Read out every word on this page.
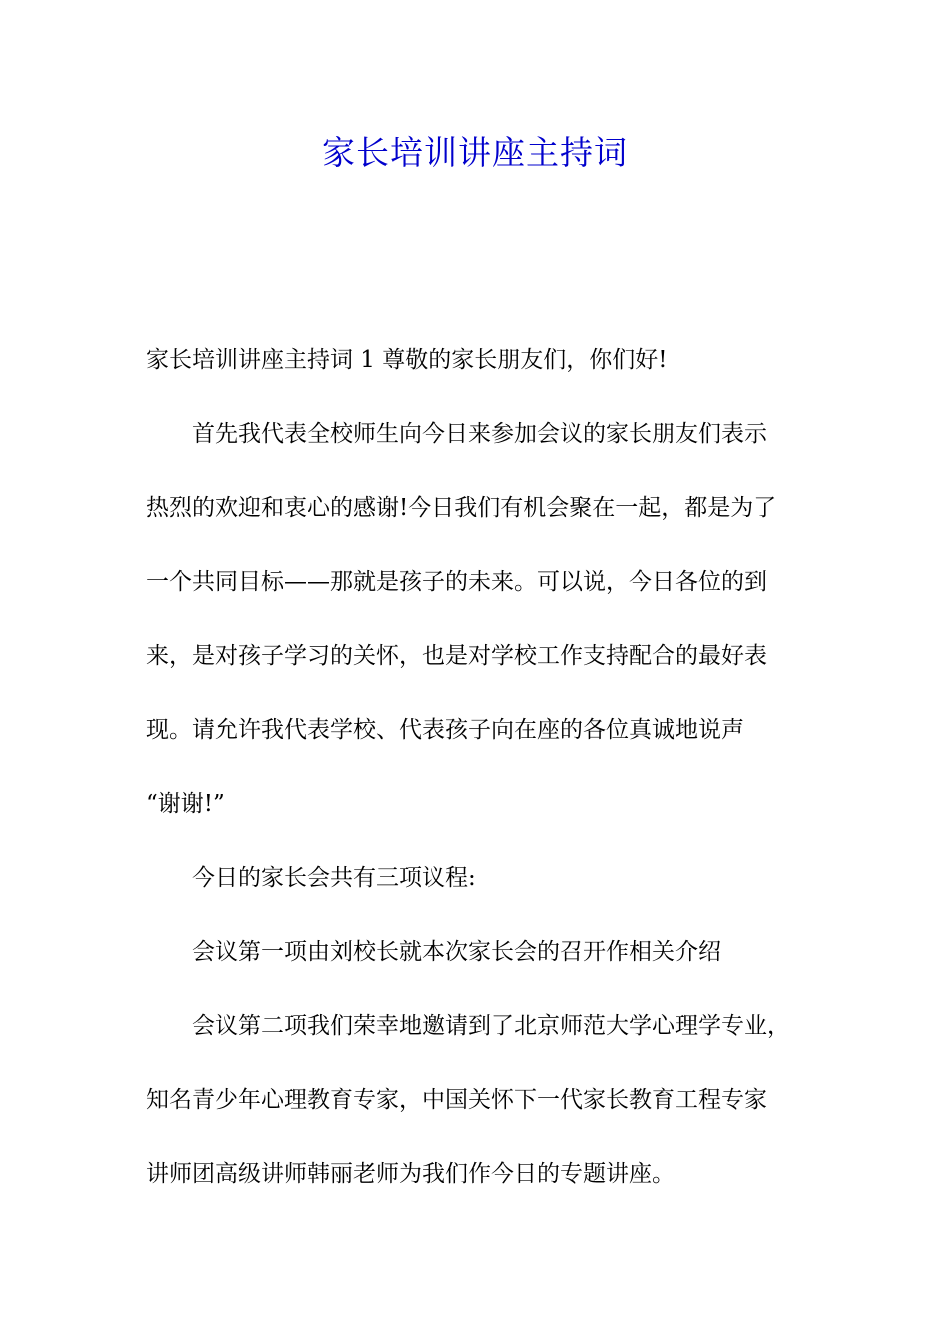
家长培训讲座主持词

家长培训讲座主持词 1 尊敬的家长朋友们，你们好!

首先我代表全校师生向今日来参加会议的家长朋友们表示

热烈的欢迎和衷心的感谢!今日我们有机会聚在一起，都是为了

一个共同目标——那就是孩子的未来。可以说，今日各位的到

来，是对孩子学习的关怀，也是对学校工作支持配合的最好表

现。请允许我代表学校、代表孩子向在座的各位真诚地说声

“谢谢!”

今日的家长会共有三项议程:

会议第一项由刘校长就本次家长会的召开作相关介绍

会议第二项我们荣幸地邀请到了北京师范大学心理学专业，

知名青少年心理教育专家，中国关怀下一代家长教育工程专家

讲师团高级讲师韩丽老师为我们作今日的专题讲座。
